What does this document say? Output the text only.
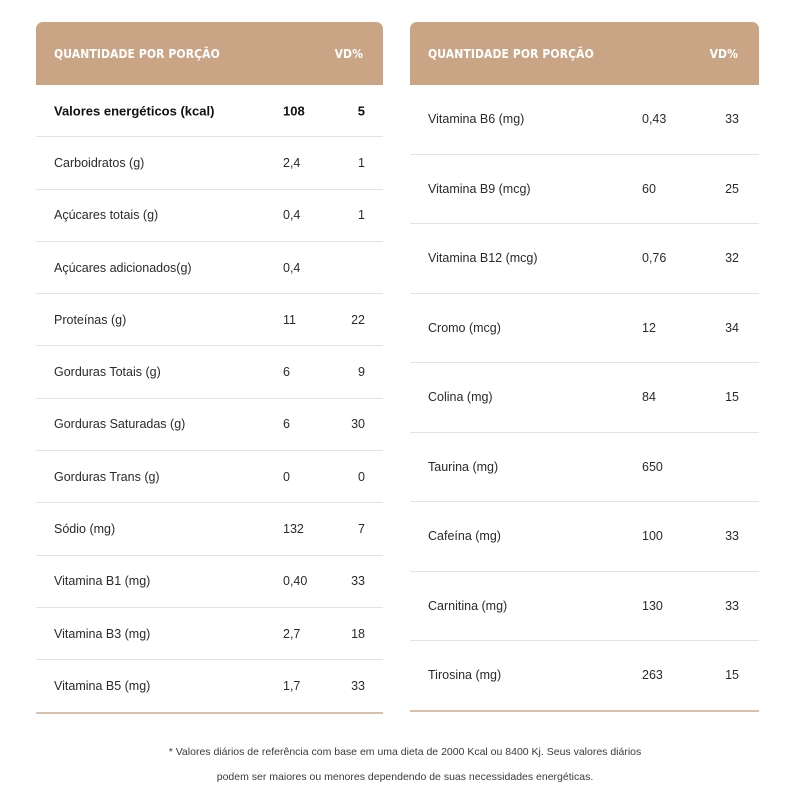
QUANTIDADE POR PORÇÃO	VD%
Valores energéticos (kcal)	108	5
Carboidratos (g)	2,4	1
Açúcares totais (g)	0,4	1
Açúcares adicionados(g)	0,4
Proteínas (g)	11	22
Gorduras Totais (g)	6	9
Gorduras Saturadas (g)	6	30
Gorduras Trans (g)	0	0
Sódio (mg)	132	7
Vitamina B1 (mg)	0,40	33
Vitamina B3 (mg)	2,7	18
Vitamina B5 (mg)	1,7	33
QUANTIDADE POR PORÇÃO	VD%
Vitamina B6 (mg)	0,43	33
Vitamina B9 (mcg)	60	25
Vitamina B12 (mcg)	0,76	32
Cromo (mcg)	12	34
Colina (mg)	84	15
Taurina (mg)	650
Cafeína (mg)	100	33
Carnitina (mg)	130	33
Tirosina (mg)	263	15
* Valores diários de referência com base em uma dieta de 2000 Kcal ou 8400 Kj. Seus valores diários
podem ser maiores ou menores dependendo de suas necessidades energéticas.
